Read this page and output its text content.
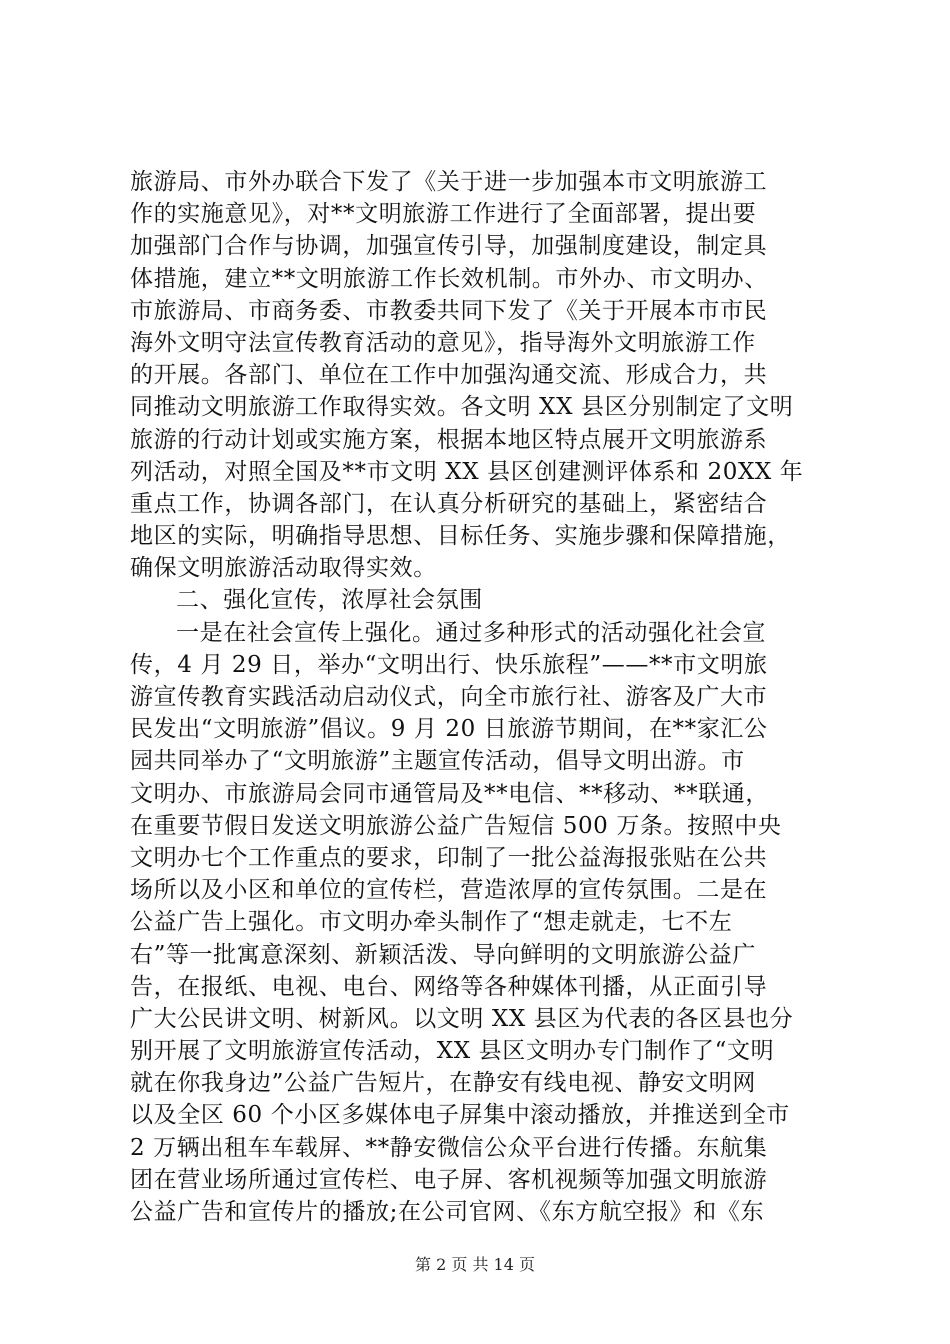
旅游局、市外办联合下发了《关于进一步加强本市文明旅游工
作的实施意见》，对**文明旅游工作进行了全面部署，提出要
加强部门合作与协调，加强宣传引导，加强制度建设，制定具
体措施，建立**文明旅游工作长效机制。市外办、市文明办、
市旅游局、市商务委、市教委共同下发了《关于开展本市市民
海外文明守法宣传教育活动的意见》，指导海外文明旅游工作
的开展。各部门、单位在工作中加强沟通交流、形成合力，共
同推动文明旅游工作取得实效。各文明 XX 县区分别制定了文明
旅游的行动计划或实施方案，根据本地区特点展开文明旅游系
列活动，对照全国及**市文明 XX 县区创建测评体系和 20XX 年
重点工作，协调各部门，在认真分析研究的基础上，紧密结合
地区的实际，明确指导思想、目标任务、实施步骤和保障措施，
确保文明旅游活动取得实效。
二、强化宣传，浓厚社会氛围
一是在社会宣传上强化。通过多种形式的活动强化社会宣
传，4 月 29 日，举办“文明出行、快乐旅程”——**市文明旅
游宣传教育实践活动启动仪式，向全市旅行社、游客及广大市
民发出“文明旅游”倡议。9 月 20 日旅游节期间，在**家汇公
园共同举办了“文明旅游”主题宣传活动，倡导文明出游。市
文明办、市旅游局会同市通管局及**电信、**移动、**联通，
在重要节假日发送文明旅游公益广告短信 500 万条。按照中央
文明办七个工作重点的要求，印制了一批公益海报张贴在公共
场所以及小区和单位的宣传栏，营造浓厚的宣传氛围。二是在
公益广告上强化。市文明办牵头制作了“想走就走，七不左
右”等一批寓意深刻、新颖活泼、导向鲜明的文明旅游公益广
告，在报纸、电视、电台、网络等各种媒体刊播，从正面引导
广大公民讲文明、树新风。以文明 XX 县区为代表的各区县也分
别开展了文明旅游宣传活动，XX 县区文明办专门制作了“文明
就在你我身边”公益广告短片，在静安有线电视、静安文明网
以及全区 60 个小区多媒体电子屏集中滚动播放，并推送到全市
2 万辆出租车车载屏、**静安微信公众平台进行传播。东航集
团在营业场所通过宣传栏、电子屏、客机视频等加强文明旅游
公益广告和宣传片的播放;在公司官网、《东方航空报》和《东
第 2 页 共 14 页
